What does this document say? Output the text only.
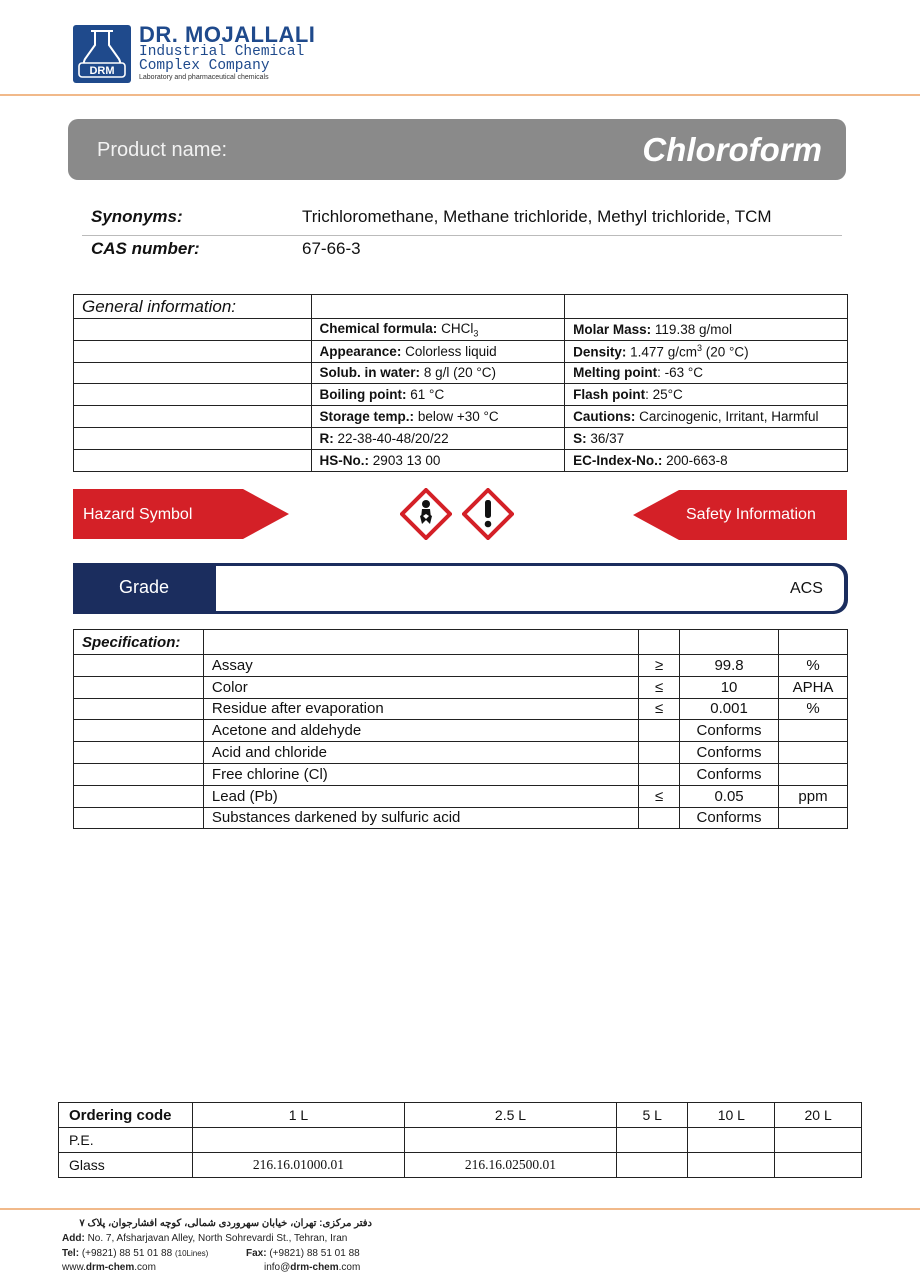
DRM
DR. MOJALLALI
Industrial Chemical
Complex Company
Laboratory and pharmaceutical chemicals
Product name:	Chloroform
Synonyms:	Trichloromethane, Methane trichloride, Methyl trichloride, TCM
CAS number:	67-66-3
General information:		
	Chemical formula: CHCl$_3$	Molar Mass: 119.38 g/mol
	Appearance: Colorless liquid	Density: 1.477 $g/cm^3$ (20 °C)
	Solub. in water: 8 g/l (20 °C)	Melting point: -63 °C
	Boiling point: 61 °C	Flash point: 25°C
	Storage temp.: below +30 °C	Cautions: Carcinogenic, Irritant, Harmful
	R: 22-38-40-48/20/22	S: 36/37
	HS-No.: 2903 13 00	EC-Index-No.: 200-663-8
Hazard Symbol	Safety Information
Grade	ACS
Specification:				
	Assay	≥	99.8	%
	Color	≤	10	APHA
	Residue after evaporation	≤	0.001	%
	Acetone and aldehyde		Conforms	
	Acid and chloride		Conforms	
	Free chlorine (Cl)		Conforms	
	Lead (Pb)	≤	0.05	ppm
	Substances darkened by sulfuric acid		Conforms	
Ordering code	1 L	2.5 L	5 L	10 L	20 L
P.E.					
Glass	216.16.01000.01	216.16.02500.01			
دفتر مرکزی: تهران، خیابان سهروردی شمالی، کوچه افشارجوان، پلاک ۷
Add: No. 7, Afsharjavan Alley, North Sohrevardi St., Tehran, Iran
Tel: (+9821) 88 51 01 88 (10Lines)	Fax: (+9821) 88 51 01 88
www.drm-chem.com	info@drm-chem.com
